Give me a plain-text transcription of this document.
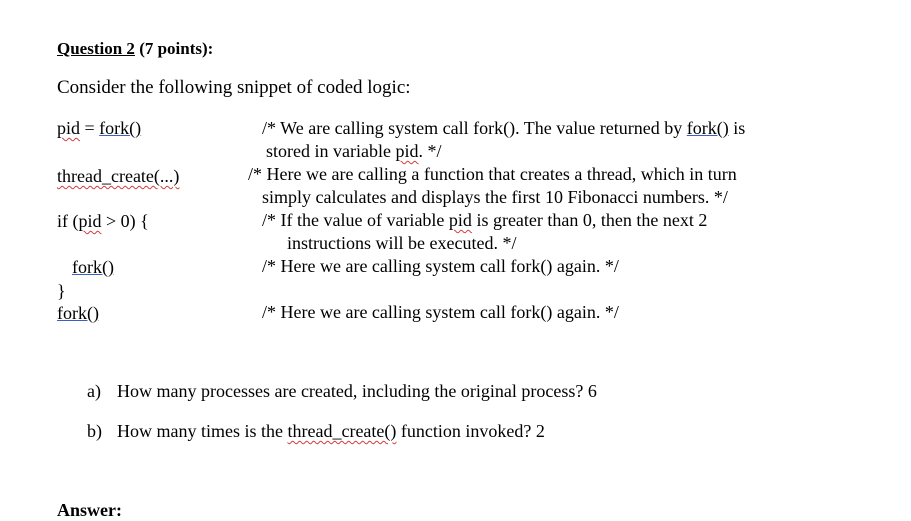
Question 2 (7 points):
Consider the following snippet of coded logic:
pid = fork()
thread_create(...)
if (pid > 0) {
fork()
}
fork()
/* We are calling system call fork(). The value returned by fork() is
stored in variable pid. */
/* Here we are calling a function that creates a thread, which in turn
simply calculates and displays the first 10 Fibonacci numbers. */
/* If the value of variable pid is greater than 0, then the next 2
instructions will be executed. */
/* Here we are calling system call fork() again. */
/* Here we are calling system call fork() again. */
a) How many processes are created, including the original process? 6
b) How many times is the thread_create() function invoked? 2
Answer:
